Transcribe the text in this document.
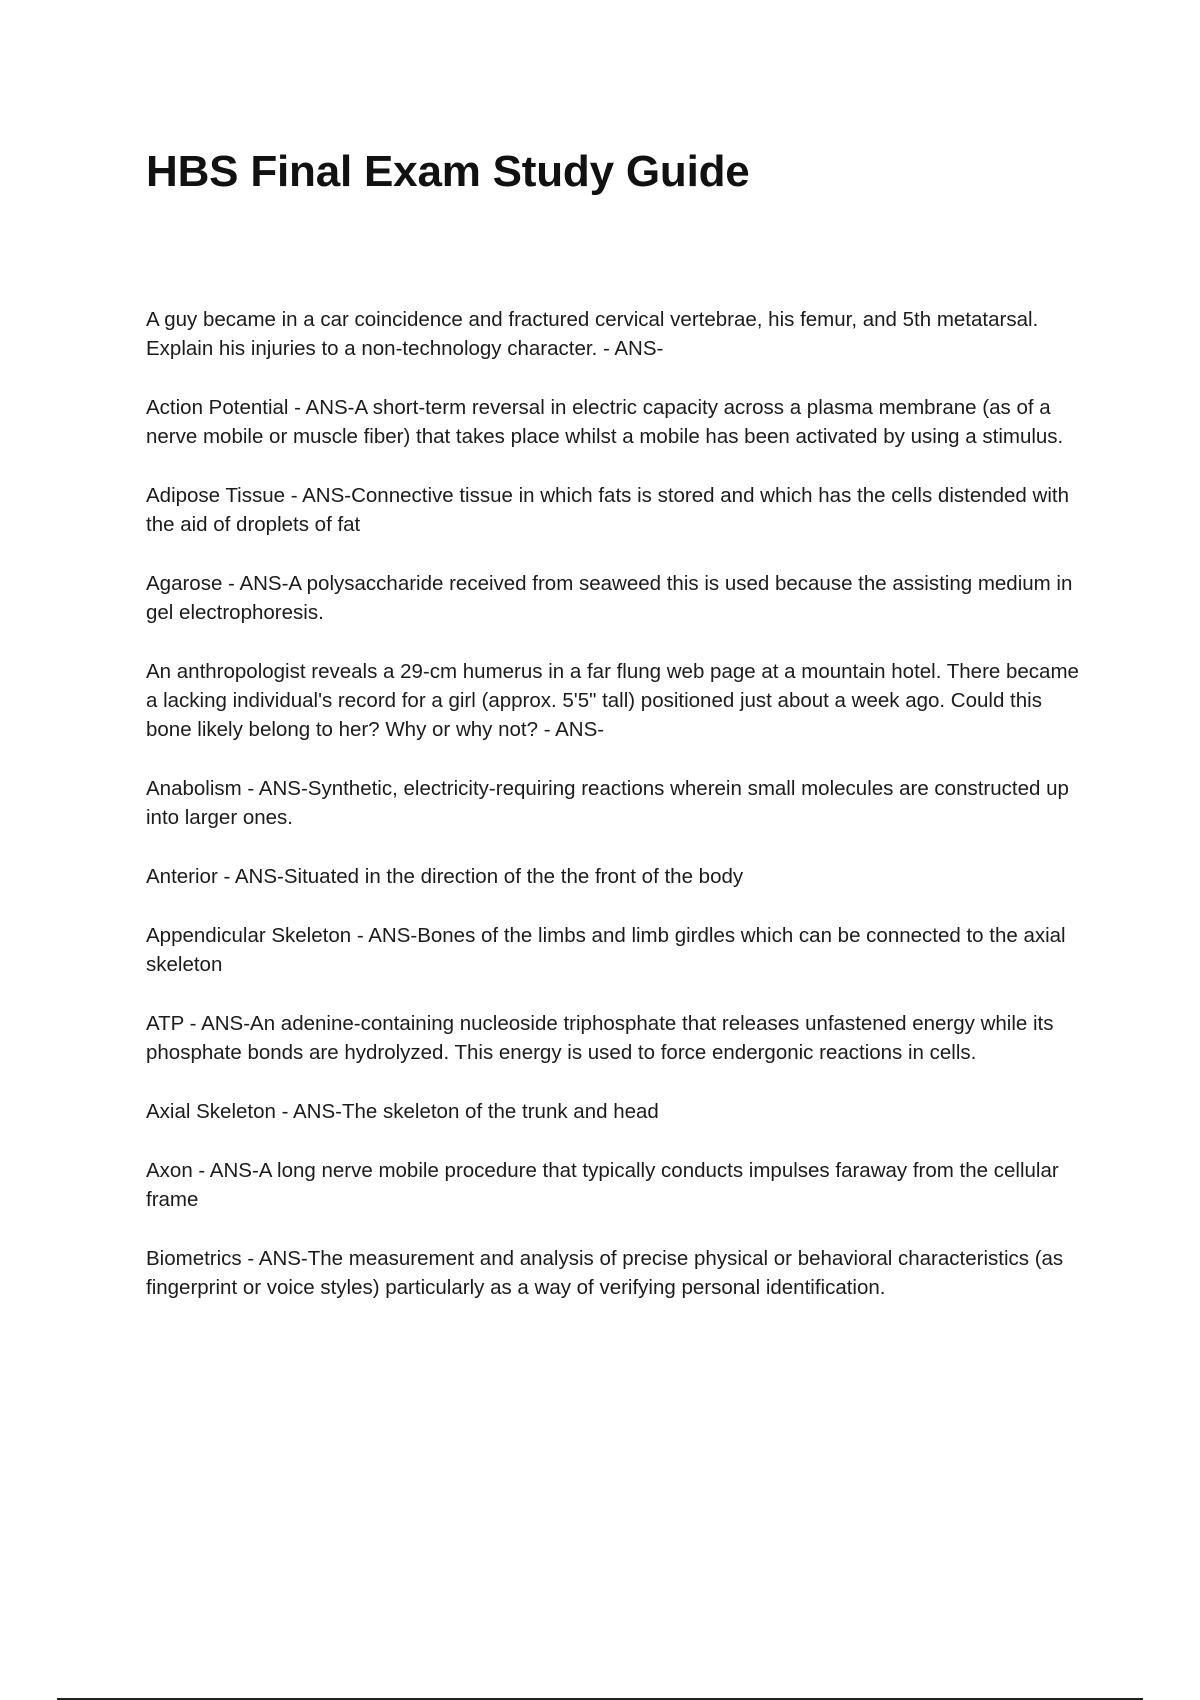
HBS Final Exam Study Guide

A guy became in a car coincidence and fractured cervical vertebrae, his femur, and 5th metatarsal. Explain his injuries to a non-technology character. - ANS-

Action Potential - ANS-A short-term reversal in electric capacity across a plasma membrane (as of a nerve mobile or muscle fiber) that takes place whilst a mobile has been activated by using a stimulus.

Adipose Tissue - ANS-Connective tissue in which fats is stored and which has the cells distended with the aid of droplets of fat

Agarose - ANS-A polysaccharide received from seaweed this is used because the assisting medium in gel electrophoresis.

An anthropologist reveals a 29-cm humerus in a far flung web page at a mountain hotel. There became a lacking individual's record for a girl (approx. 5'5" tall) positioned just about a week ago. Could this bone likely belong to her? Why or why not? - ANS-

Anabolism - ANS-Synthetic, electricity-requiring reactions wherein small molecules are constructed up into larger ones.

Anterior - ANS-Situated in the direction of the the front of the body

Appendicular Skeleton - ANS-Bones of the limbs and limb girdles which can be connected to the axial skeleton

ATP - ANS-An adenine-containing nucleoside triphosphate that releases unfastened energy while its phosphate bonds are hydrolyzed. This energy is used to force endergonic reactions in cells.

Axial Skeleton - ANS-The skeleton of the trunk and head

Axon - ANS-A long nerve mobile procedure that typically conducts impulses faraway from the cellular frame

Biometrics - ANS-The measurement and analysis of precise physical or behavioral characteristics (as fingerprint or voice styles) particularly as a way of verifying personal identification.
